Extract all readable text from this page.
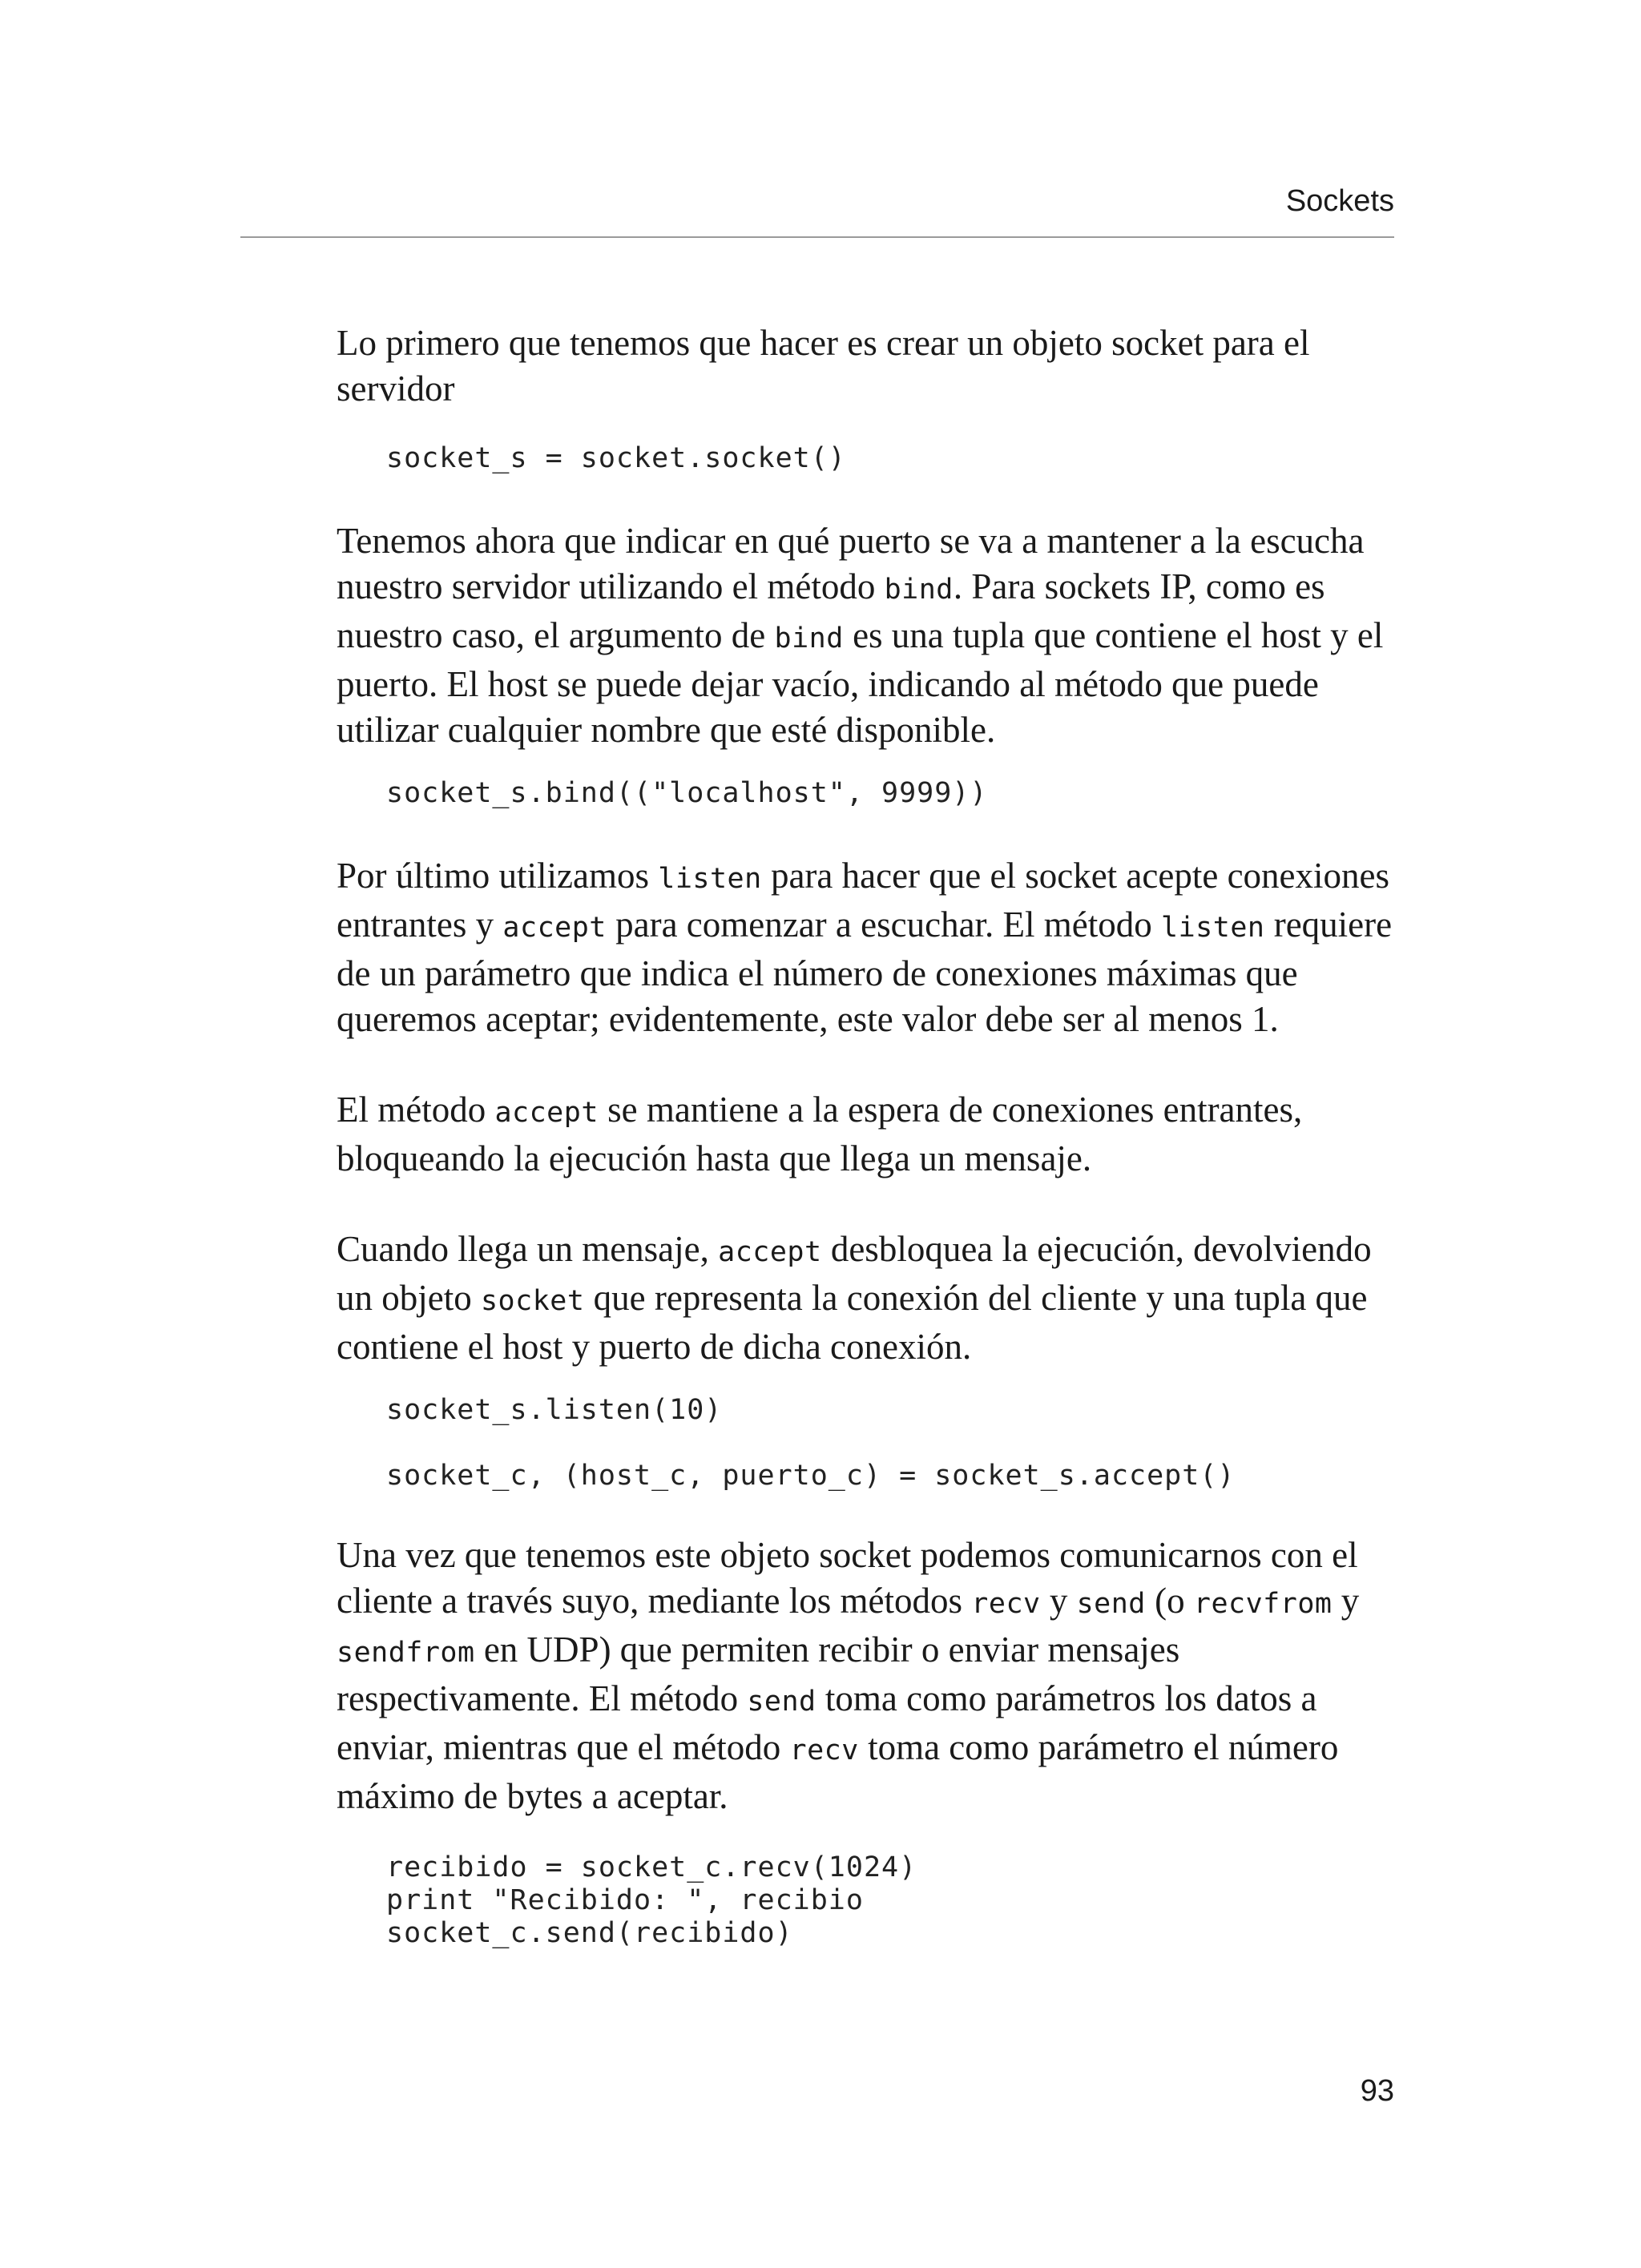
Sockets

Lo primero que tenemos que hacer es crear un objeto socket para el servidor

socket_s = socket.socket()

Tenemos ahora que indicar en qué puerto se va a mantener a la escucha nuestro servidor utilizando el método bind. Para sockets IP, como es nuestro caso, el argumento de bind es una tupla que contiene el host y el puerto. El host se puede dejar vacío, indicando al método que puede utilizar cualquier nombre que esté disponible.

socket_s.bind(("localhost", 9999))

Por último utilizamos listen para hacer que el socket acepte conexiones entrantes y accept para comenzar a escuchar. El método listen requiere de un parámetro que indica el número de conexiones máximas que queremos aceptar; evidentemente, este valor debe ser al menos 1.

El método accept se mantiene a la espera de conexiones entrantes, bloqueando la ejecución hasta que llega un mensaje.

Cuando llega un mensaje, accept desbloquea la ejecución, devolviendo un objeto socket que representa la conexión del cliente y una tupla que contiene el host y puerto de dicha conexión.

socket_s.listen(10)
socket_c, (host_c, puerto_c) = socket_s.accept()

Una vez que tenemos este objeto socket podemos comunicarnos con el cliente a través suyo, mediante los métodos recv y send (o recvfrom y sendfrom en UDP) que permiten recibir o enviar mensajes respectivamente. El método send toma como parámetros los datos a enviar, mientras que el método recv toma como parámetro el número máximo de bytes a aceptar.

recibido = socket_c.recv(1024)
print "Recibido: ", recibio
socket_c.send(recibido)
93
